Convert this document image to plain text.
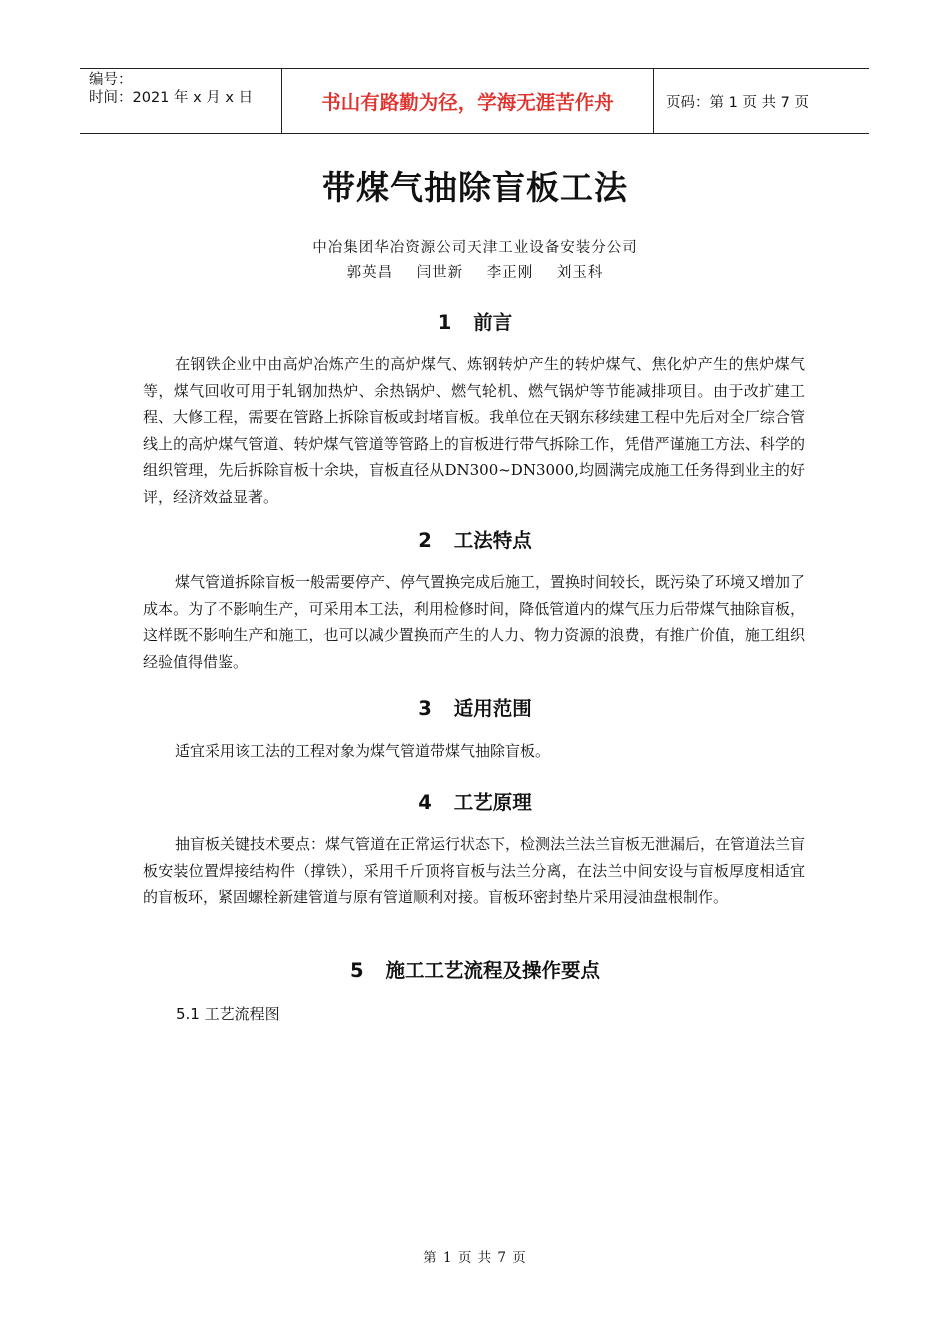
编号：
时间：2021 年 x 月 x 日	书山有路勤为径，学海无涯苦作舟	页码：第 1 页 共 7 页
带煤气抽除盲板工法
中冶集团华冶资源公司天津工业设备安装分公司
郭英昌 闫世新 李正刚 刘玉科
1 前言

在钢铁企业中由高炉冶炼产生的高炉煤气、炼钢转炉产生的转炉煤气、焦化炉产生的焦炉煤气等，煤气回收可用于轧钢加热炉、余热锅炉、燃气轮机、燃气锅炉等节能减排项目。由于改扩建工程、大修工程，需要在管路上拆除盲板或封堵盲板。我单位在天钢东移续建工程中先后对全厂综合管线上的高炉煤气管道、转炉煤气管道等管路上的盲板进行带气拆除工作，凭借严谨施工方法、科学的组织管理，先后拆除盲板十余块，盲板直径从DN300~DN3000,均圆满完成施工任务得到业主的好评，经济效益显著。

2 工法特点

煤气管道拆除盲板一般需要停产、停气置换完成后施工，置换时间较长，既污染了环境又增加了成本。为了不影响生产，可采用本工法，利用检修时间，降低管道内的煤气压力后带煤气抽除盲板，这样既不影响生产和施工，也可以减少置换而产生的人力、物力资源的浪费，有推广价值，施工组织经验值得借鉴。

3 适用范围

适宜采用该工法的工程对象为煤气管道带煤气抽除盲板。

4 工艺原理

抽盲板关键技术要点：煤气管道在正常运行状态下，检测法兰法兰盲板无泄漏后，在管道法兰盲板安装位置焊接结构件（撑铁），采用千斤顶将盲板与法兰分离，在法兰中间安设与盲板厚度相适宜的盲板环，紧固螺栓新建管道与原有管道顺利对接。盲板环密封垫片采用浸油盘根制作。

5 施工工艺流程及操作要点
5.1 工艺流程图
第 1 页 共 7 页
